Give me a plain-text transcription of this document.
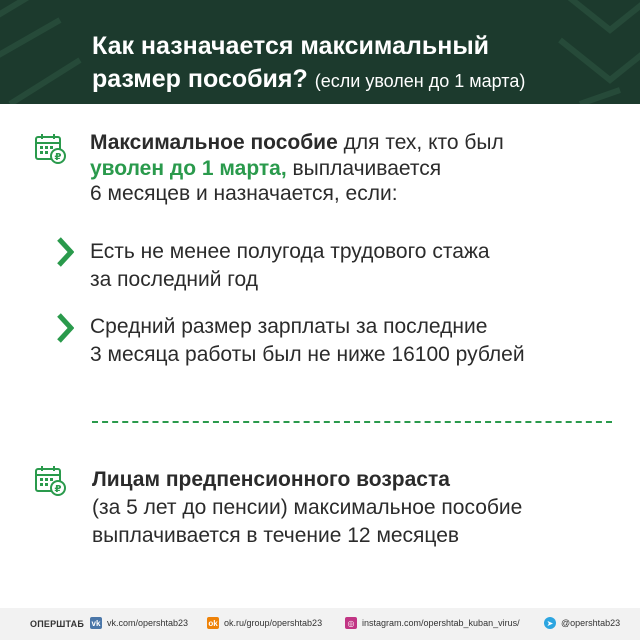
Как назначается максимальный
размер пособия? (если уволен до 1 марта)
₽
Максимальное пособие для тех, кто был
уволен до 1 марта, выплачивается
6 месяцев и назначается, если:
Есть не менее полугода трудового стажа
за последний год
Средний размер зарплаты за последние
3 месяца работы был не ниже 16100 рублей
₽ Лицам предпенсионного возраста
(за 5 лет до пенсии) максимальное пособие
выплачивается в течение 12 месяцев
ОПЕРШТАБ vk vk.com/opershtab23	ok ok.ru/group/opershtab23	◎ instagram.com/opershtab_kuban_virus/	➤ @opershtab23
